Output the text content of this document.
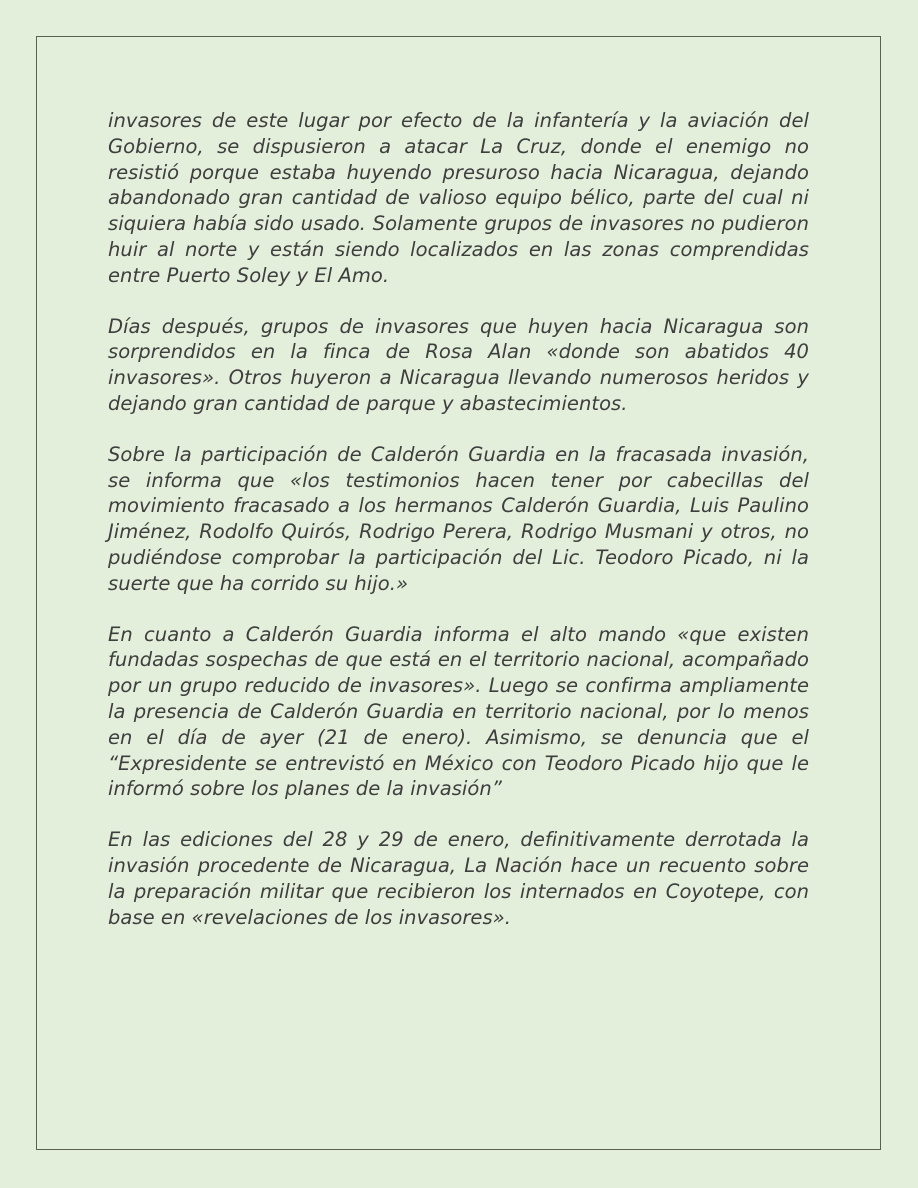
invasores de este lugar por efecto de la infantería y la aviación del Gobierno, se dispusieron a atacar La Cruz, donde el enemigo no resistió porque estaba huyendo presuroso hacia Nicaragua, dejando abandonado gran cantidad de valioso equipo bélico, parte del cual ni siquiera había sido usado. Solamente grupos de invasores no pudieron huir al norte y están siendo localizados en las zonas comprendidas entre Puerto Soley y El Amo.

Días después, grupos de invasores que huyen hacia Nicaragua son sorprendidos en la finca de Rosa Alan «donde son abatidos 40 invasores». Otros huyeron a Nicaragua llevando numerosos heridos y dejando gran cantidad de parque y abastecimientos.

Sobre la participación de Calderón Guardia en la fracasada invasión, se informa que «los testimonios hacen tener por cabecillas del movimiento fracasado a los hermanos Calderón Guardia, Luis Paulino Jiménez, Rodolfo Quirós, Rodrigo Perera, Rodrigo Musmani y otros, no pudiéndose comprobar la participación del Lic. Teodoro Picado, ni la suerte que ha corrido su hijo.»

En cuanto a Calderón Guardia informa el alto mando «que existen fundadas sospechas de que está en el territorio nacional, acompañado por un grupo reducido de invasores». Luego se confirma ampliamente la presencia de Calderón Guardia en territorio nacional, por lo menos en el día de ayer (21 de enero). Asimismo, se denuncia que el “Expresidente se entrevistó en México con Teodoro Picado hijo que le informó sobre los planes de la invasión”

En las ediciones del 28 y 29 de enero, definitivamente derrotada la invasión procedente de Nicaragua, La Nación hace un recuento sobre la preparación militar que recibieron los internados en Coyotepe, con base en «revelaciones de los invasores».
